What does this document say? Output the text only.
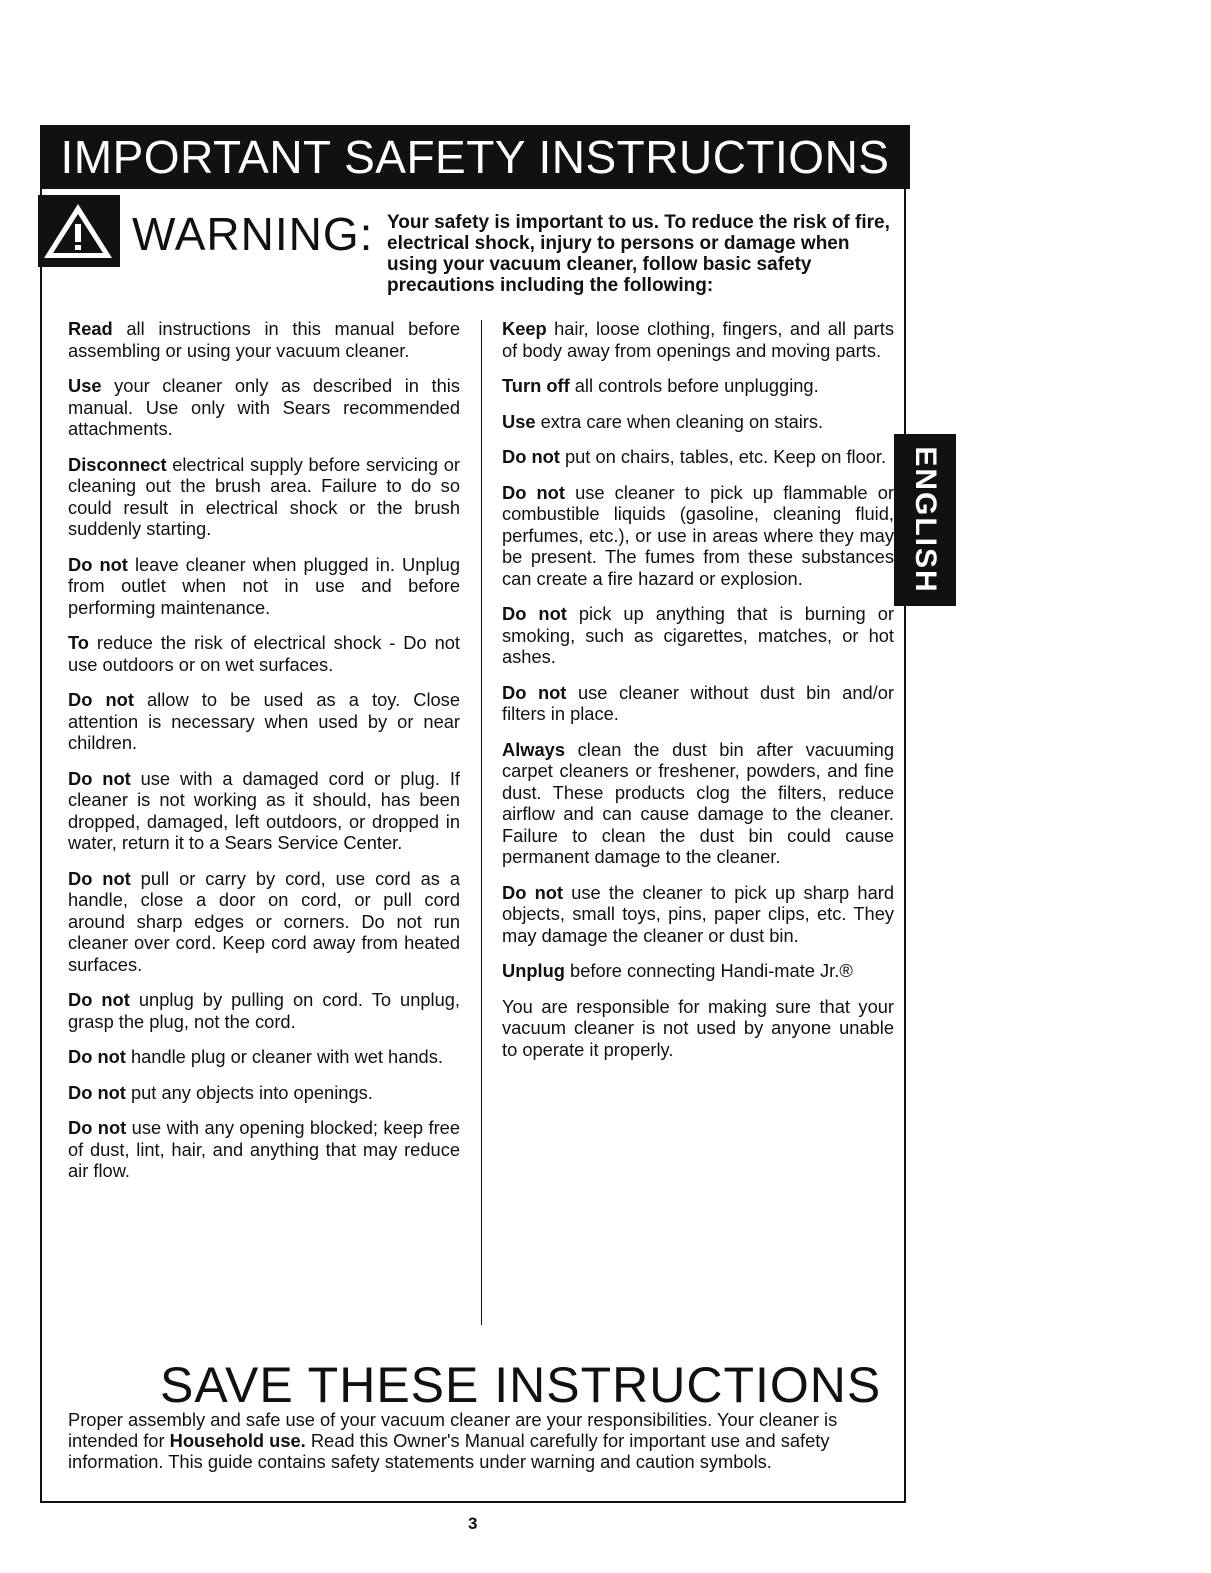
IMPORTANT SAFETY INSTRUCTIONS
WARNING: Your safety is important to us. To reduce the risk of fire, electrical shock, injury to persons or damage when using your vacuum cleaner, follow basic safety precautions including the following:

Read all instructions in this manual before assembling or using your vacuum cleaner.

Use your cleaner only as described in this manual. Use only with Sears recommended attachments.

Disconnect electrical supply before servicing or cleaning out the brush area. Failure to do so could result in electrical shock or the brush suddenly starting.

Do not leave cleaner when plugged in. Unplug from outlet when not in use and before performing maintenance.

To reduce the risk of electrical shock - Do not use outdoors or on wet surfaces.

Do not allow to be used as a toy. Close attention is necessary when used by or near children.

Do not use with a damaged cord or plug. If cleaner is not working as it should, has been dropped, damaged, left outdoors, or dropped in water, return it to a Sears Service Center.

Do not pull or carry by cord, use cord as a handle, close a door on cord, or pull cord around sharp edges or corners. Do not run cleaner over cord. Keep cord away from heated surfaces.

Do not unplug by pulling on cord. To unplug, grasp the plug, not the cord.

Do not handle plug or cleaner with wet hands.

Do not put any objects into openings.

Do not use with any opening blocked; keep free of dust, lint, hair, and anything that may reduce air flow.

Keep hair, loose clothing, fingers, and all parts of body away from openings and moving parts.

Turn off all controls before unplugging.

Use extra care when cleaning on stairs.

Do not put on chairs, tables, etc. Keep on floor.

Do not use cleaner to pick up flammable or combustible liquids (gasoline, cleaning fluid, perfumes, etc.), or use in areas where they may be present. The fumes from these substances can create a fire hazard or explosion.

Do not pick up anything that is burning or smoking, such as cigarettes, matches, or hot ashes.

Do not use cleaner without dust bin and/or filters in place.

Always clean the dust bin after vacuuming carpet cleaners or freshener, powders, and fine dust. These products clog the filters, reduce airflow and can cause damage to the cleaner. Failure to clean the dust bin could cause permanent damage to the cleaner.

Do not use the cleaner to pick up sharp hard objects, small toys, pins, paper clips, etc. They may damage the cleaner or dust bin.

Unplug before connecting Handi-mate Jr.®

You are responsible for making sure that your vacuum cleaner is not used by anyone unable to operate it properly.

ENGLISH
SAVE THESE INSTRUCTIONS
Proper assembly and safe use of your vacuum cleaner are your responsibilities. Your cleaner is intended for Household use. Read this Owner's Manual carefully for important use and safety information. This guide contains safety statements under warning and caution symbols.
3
